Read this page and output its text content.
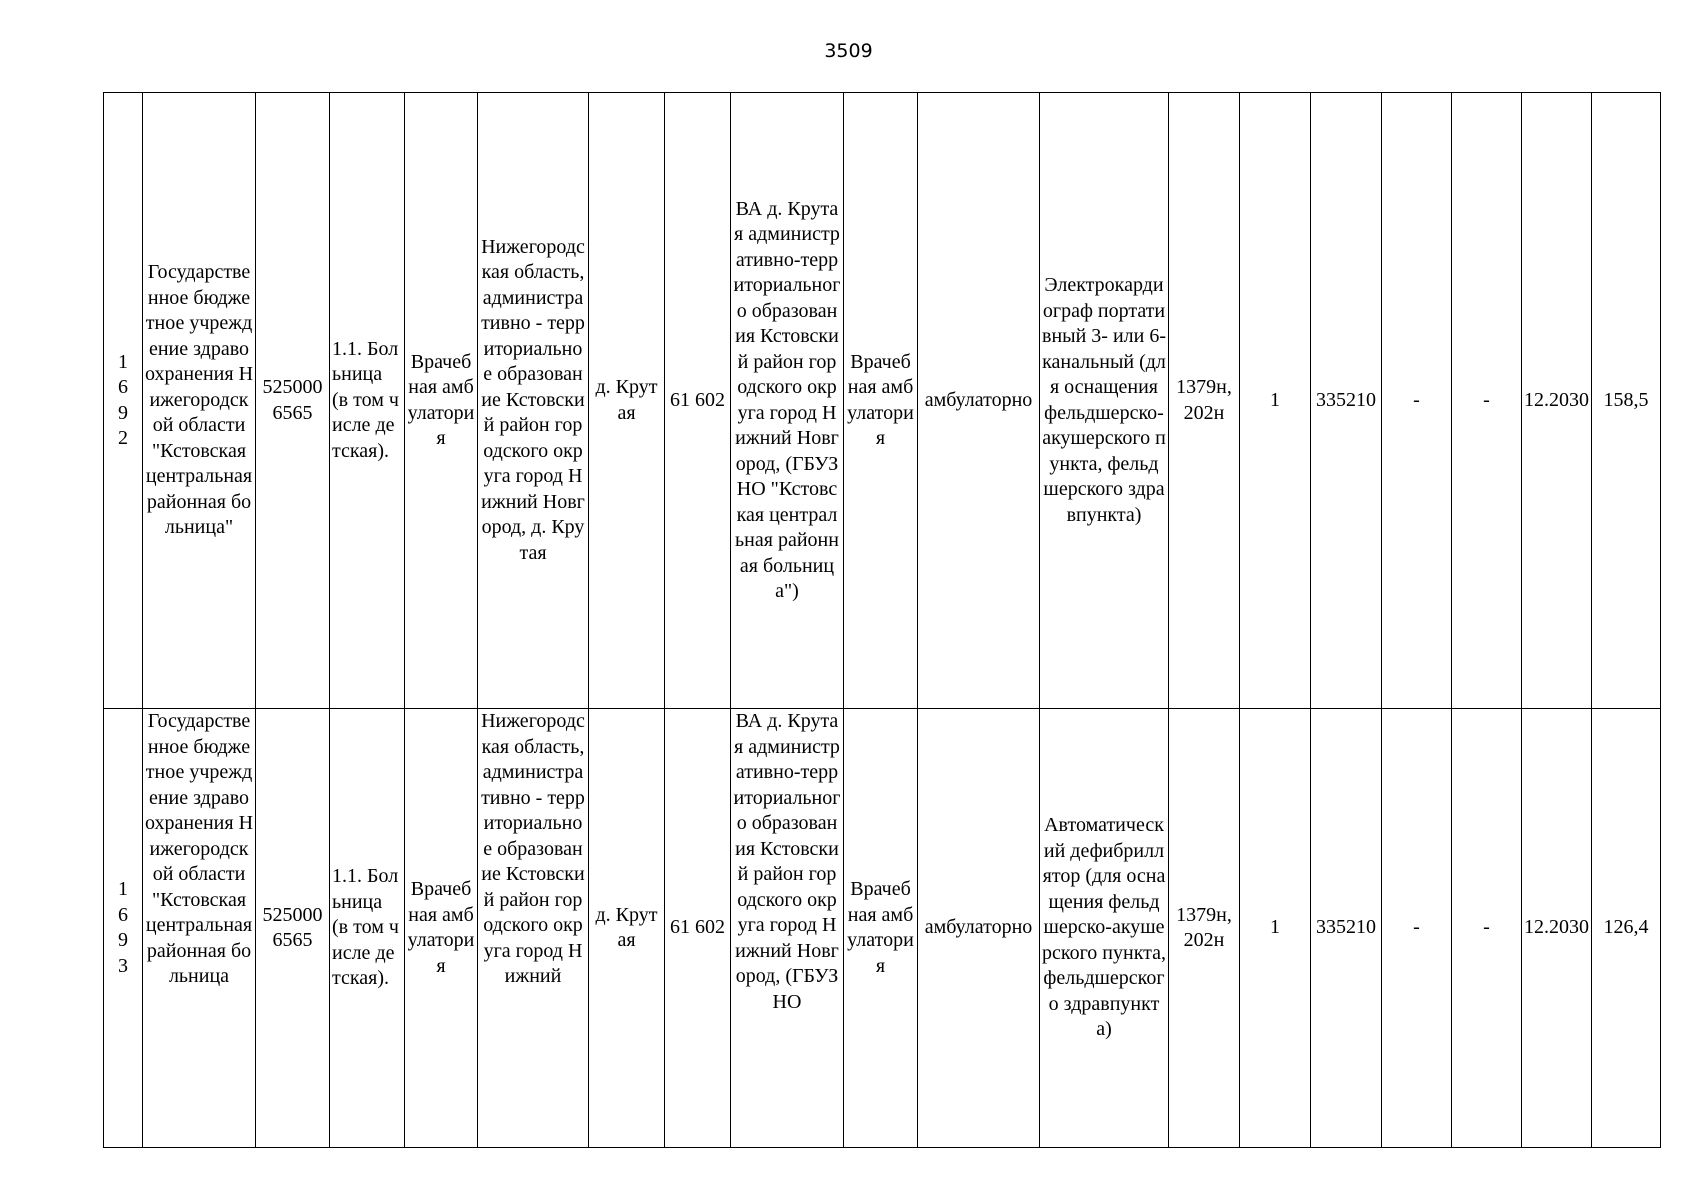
3509
1692	Государственное бюджетное учреждение здравоохранения Нижегородской области "Кстовская центральная районная больница"	525000 6565	1.1. Больница (в том числе детская).	Врачебная амбулатория	Нижегородская область, административно - территориальное образование Кстовский район городского округа город Нижний Новгород, д. Крутая	д. Крутая	61 602	ВА д. Крутая административно-территориального образования Кстовский район городского округа город Нижний Новгород, (ГБУЗ НО "Кстовская центральная районная больница")	Врачебная амбулатория	амбулаторно	Электрокардиограф портативный 3- или 6-канальный (для оснащения фельдшерско-акушерского пункта, фельдшерского здравпункта)	1379н, 202н	1	335210	-	-	12.2030	158,5

1693	Государственное бюджетное учреждение здравоохранения Нижегородской области "Кстовская центральная районная больница	525000 6565	1.1. Больница (в том числе детская).	Врачебная амбулатория	Нижегородская область, административно - территориальное образование Кстовский район городского округа город Нижний	д. Крутая	61 602	ВА д. Крутая административно-территориального образования Кстовский район городского округа город Нижний Новгород, (ГБУЗ НО	Врачебная амбулатория	амбулаторно	Автоматический дефибриллятор (для оснащения фельдшерско-акушерского пункта, фельдшерского здравпункта)	1379н, 202н	1	335210	-	-	12.2030	126,4
